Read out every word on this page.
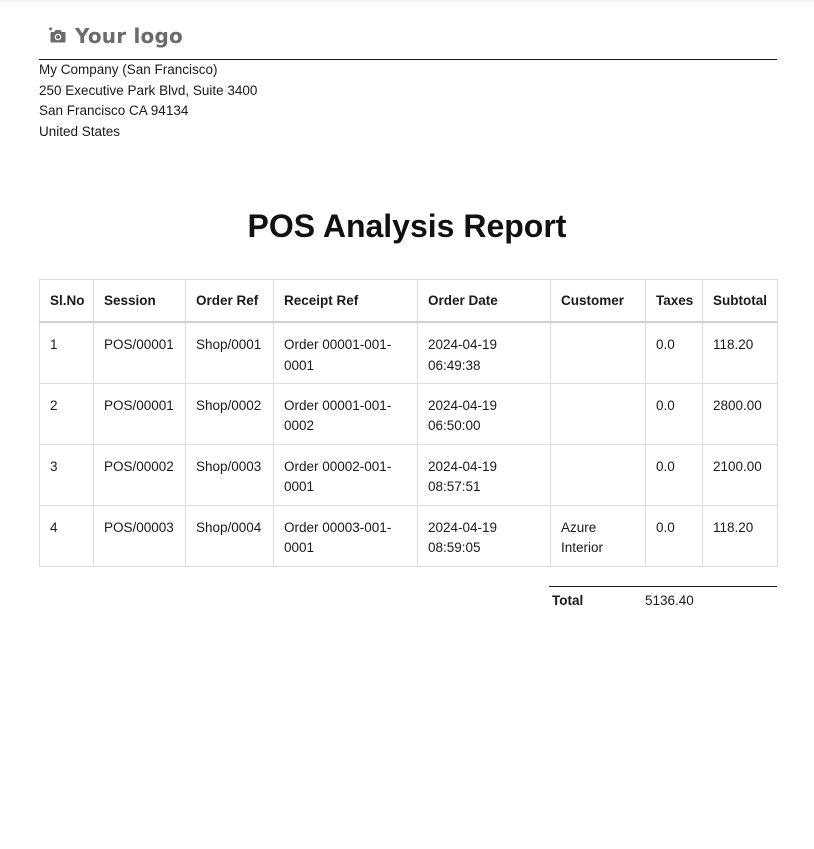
Your logo
My Company (San Francisco)
250 Executive Park Blvd, Suite 3400
San Francisco CA 94134
United States
POS Analysis Report
Sl.No	Session	Order Ref	Receipt Ref	Order Date	Customer	Taxes	Subtotal
1	POS/00001	Shop/0001	Order 00001-001-0001	2024-04-19 06:49:38		0.0	118.20
2	POS/00001	Shop/0002	Order 00001-001-0002	2024-04-19 06:50:00		0.0	2800.00
3	POS/00002	Shop/0003	Order 00002-001-0001	2024-04-19 08:57:51		0.0	2100.00
4	POS/00003	Shop/0004	Order 00003-001-0001	2024-04-19 08:59:05	Azure Interior	0.0	118.20
Total	5136.40
